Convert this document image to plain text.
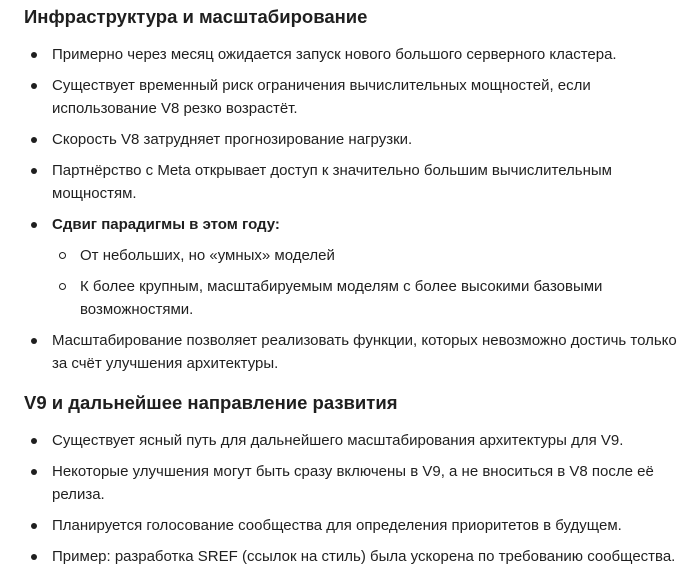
Инфраструктура и масштабирование
Примерно через месяц ожидается запуск нового большого серверного кластера.
Существует временный риск ограничения вычислительных мощностей, если использование V8 резко возрастёт.
Скорость V8 затрудняет прогнозирование нагрузки.
Партнёрство с Meta открывает доступ к значительно большим вычислительным мощностям.
Сдвиг парадигмы в этом году:
От небольших, но «умных» моделей
К более крупным, масштабируемым моделям с более высокими базовыми возможностями.
Масштабирование позволяет реализовать функции, которых невозможно достичь только за счёт улучшения архитектуры.
V9 и дальнейшее направление развития
Существует ясный путь для дальнейшего масштабирования архитектуры для V9.
Некоторые улучшения могут быть сразу включены в V9, а не вноситься в V8 после её релиза.
Планируется голосование сообщества для определения приоритетов в будущем.
Пример: разработка SREF (ссылок на стиль) была ускорена по требованию сообщества.
